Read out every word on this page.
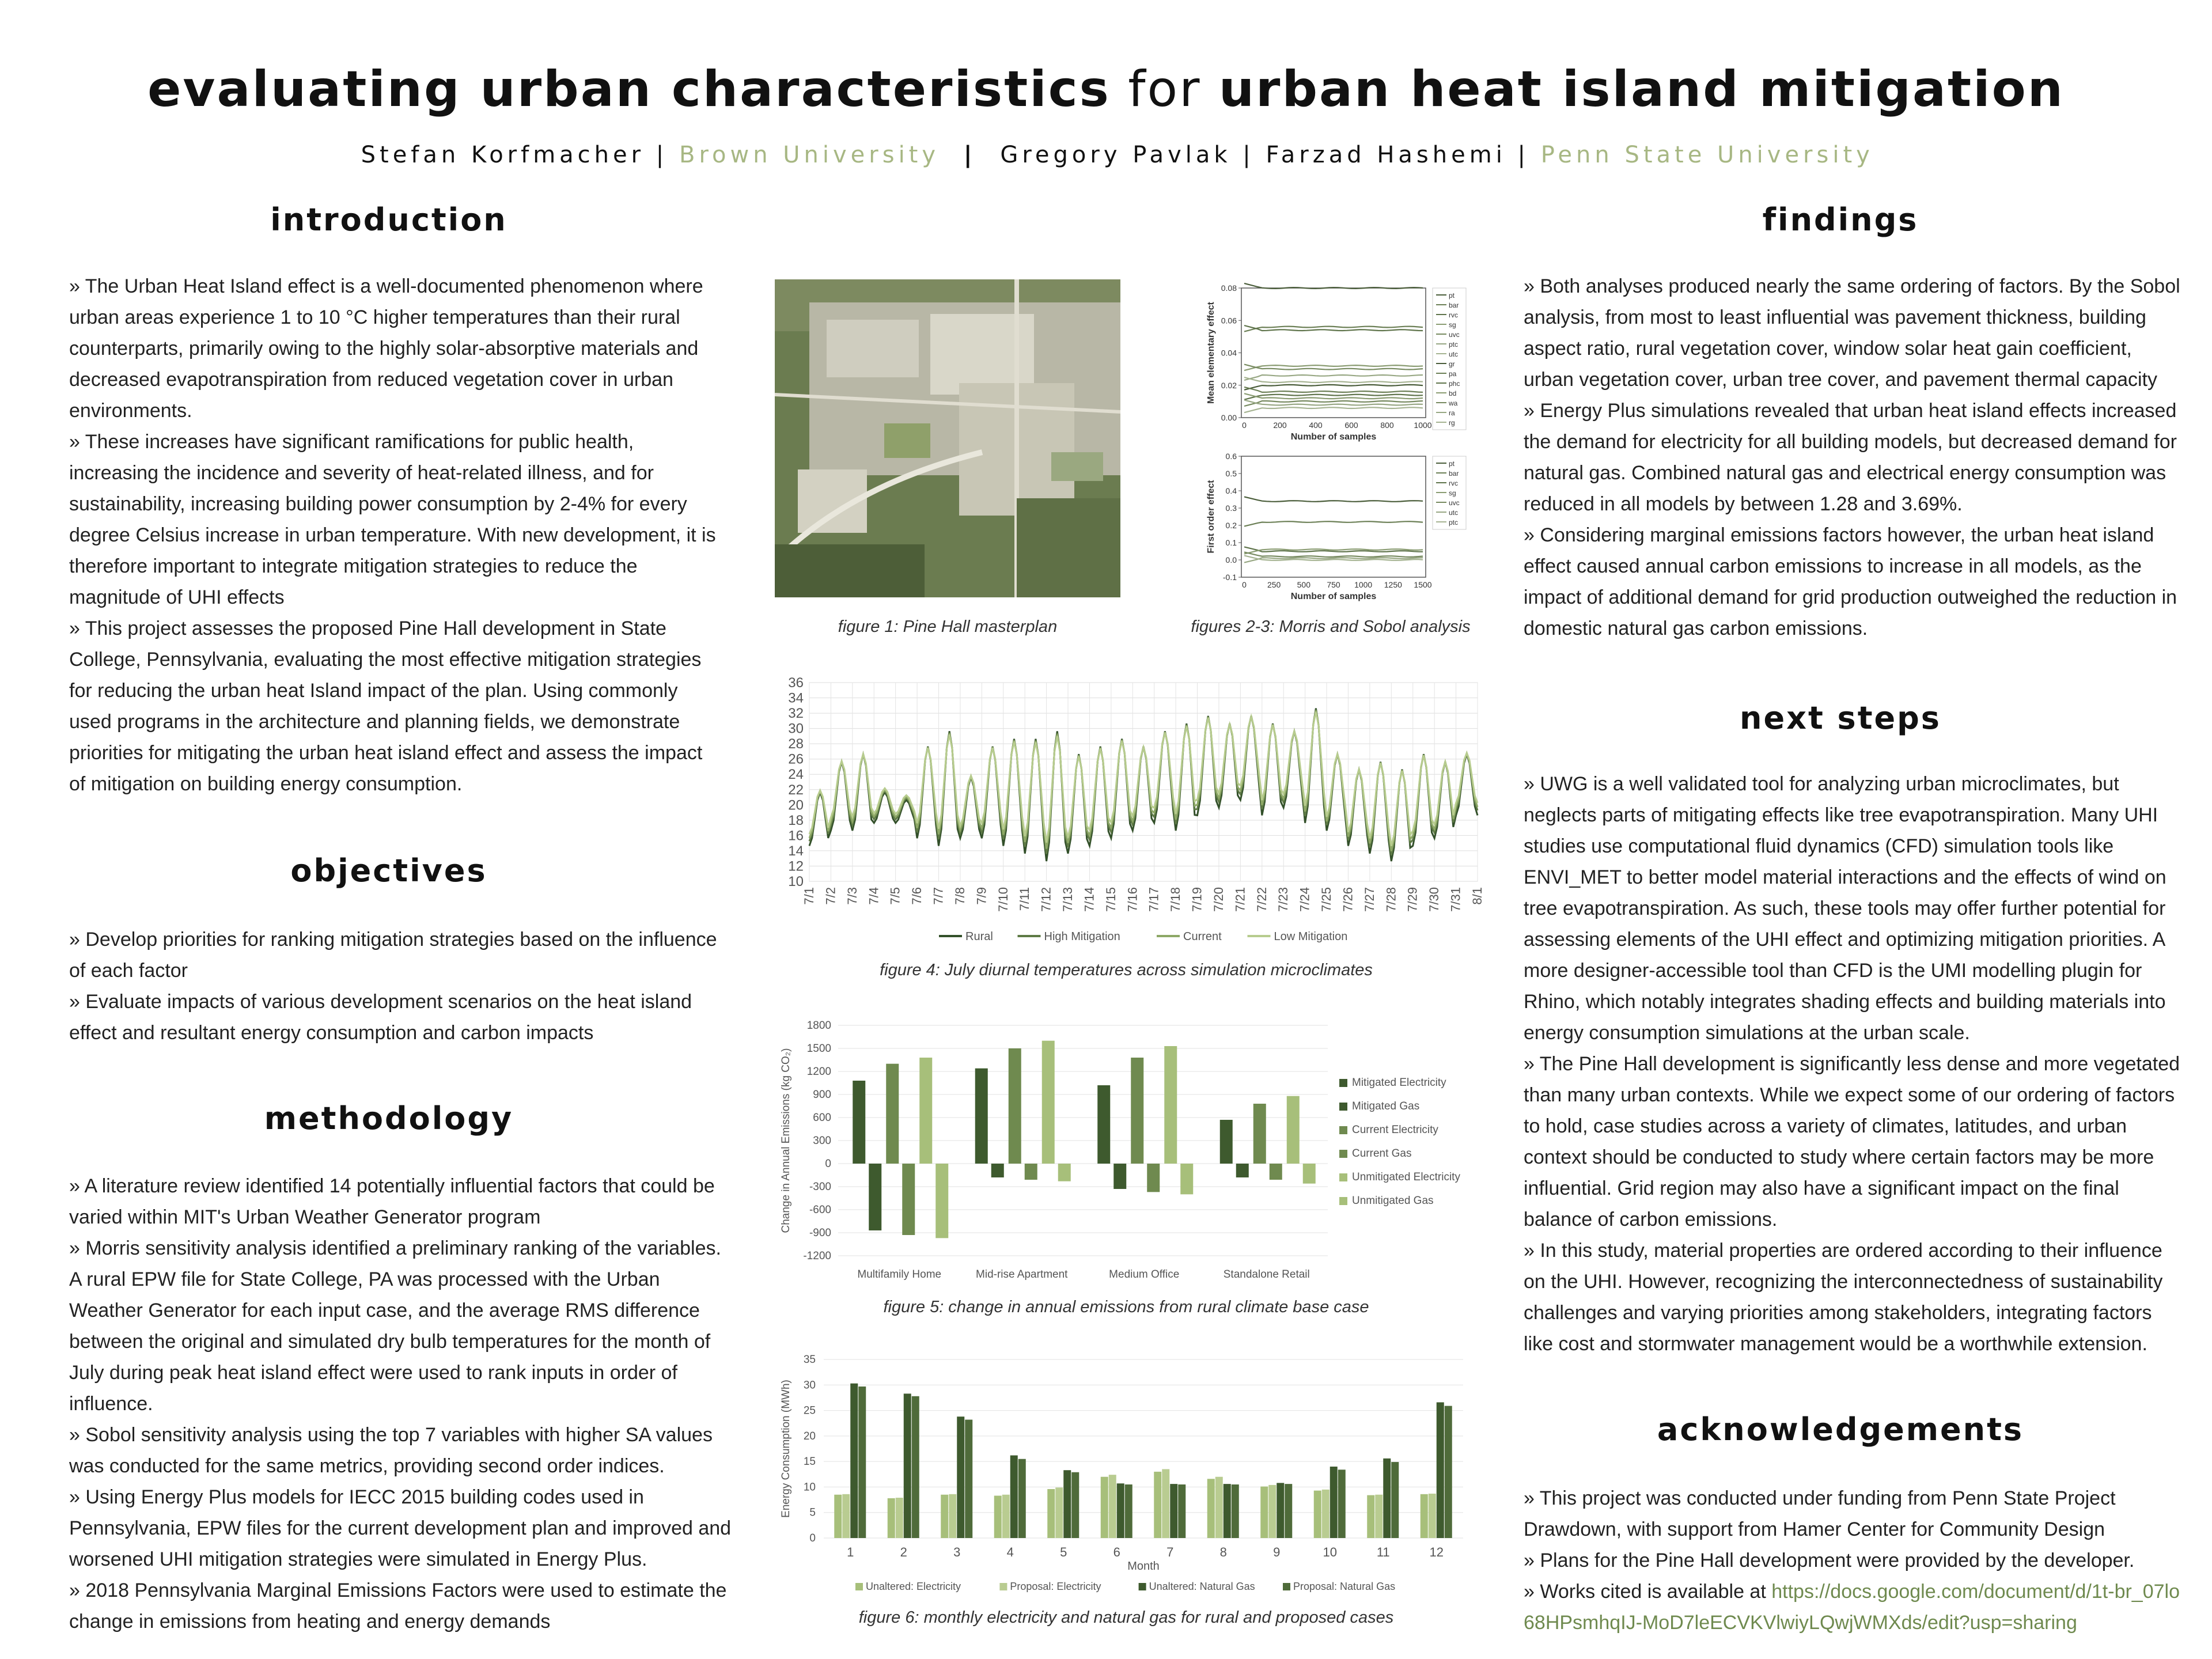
evaluating urban characteristics for urban heat island mitigation

Stefan Korfmacher | Brown University  |  Gregory Pavlak | Farzad Hashemi | Penn State University

introduction

» The Urban Heat Island effect is a well-documented phenomenon where urban areas experience 1 to 10 °C higher temperatures than their rural counterparts, primarily owing to the highly solar-absorptive materials and decreased evapotranspiration from reduced vegetation cover in urban environments.

» These increases have significant ramifications for public health, increasing the incidence and severity of heat-related illness, and for sustainability, increasing building power consumption by 2-4% for every degree Celsius increase in urban temperature. With new development, it is therefore important to integrate mitigation strategies to reduce the magnitude of UHI effects

» This project assesses the proposed Pine Hall development in State College, Pennsylvania, evaluating the most effective mitigation strategies for reducing the urban heat Island impact of the plan. Using commonly used programs in the architecture and planning fields, we demonstrate priorities for mitigating the urban heat island effect and assess the impact of mitigation on building energy consumption.

objectives

» Develop priorities for ranking mitigation strategies based on the influence of each factor

» Evaluate impacts of various development scenarios on the heat island effect and resultant energy consumption and carbon impacts

methodology

» A literature review identified 14 potentially influential factors that could be varied within MIT's Urban Weather Generator program

» Morris sensitivity analysis identified a preliminary ranking of the variables. A rural EPW file for State College, PA was processed with the Urban Weather Generator for each input case, and the average RMS difference between the original and simulated dry bulb temperatures for the month of July during peak heat island effect were used to rank inputs in order of influence.

» Sobol sensitivity analysis using the top 7 variables with higher SA values was conducted for the same metrics, providing second order indices.

» Using Energy Plus models for IECC 2015 building codes used in Pennsylvania, EPW files for the current development plan and improved and worsened UHI mitigation strategies were simulated in Energy Plus.

» 2018 Pennsylvania Marginal Emissions Factors were used to estimate the change in emissions from heating and energy demands

findings

» Both analyses produced nearly the same ordering of factors. By the Sobol analysis, from most to least influential was pavement thickness, building aspect ratio, rural vegetation cover, window solar heat gain coefficient, urban vegetation cover, urban tree cover, and pavement thermal capacity

» Energy Plus simulations revealed that urban heat island effects increased the demand for electricity for all building models, but decreased demand for natural gas. Combined natural gas and electrical energy consumption was reduced in all models by between 1.28 and 3.69%.

» Considering marginal emissions factors however, the urban heat island effect caused annual carbon emissions to increase in all models, as the impact of additional demand for grid production outweighed the reduction in domestic natural gas carbon emissions.

next steps

» UWG is a well validated tool for analyzing urban microclimates, but neglects parts of mitigating effects like tree evapotranspiration. Many UHI studies use computational fluid dynamics (CFD) simulation tools like ENVI_MET to better model material interactions and the effects of wind on tree evapotranspiration. As such, these tools may offer further potential for assessing elements of the UHI effect and optimizing mitigation priorities. A more designer-accessible tool than CFD is the UMI modelling plugin for Rhino, which notably integrates shading effects and building materials into energy consumption simulations at the urban scale.

» The Pine Hall development is significantly less dense and more vegetated than many urban contexts. While we expect some of our ordering of factors to hold, case studies across a variety of climates, latitudes, and urban context should be conducted to study where certain factors may be more influential. Grid region may also have a significant impact on the final balance of carbon emissions.

» In this study, material properties are ordered according to their influence on the UHI. However, recognizing the interconnectedness of sustainability challenges and varying priorities among stakeholders, integrating factors like cost and stormwater management would be a worthwhile extension.

acknowledgements

» This project was conducted under funding from Penn State Project Drawdown, with support from Hamer Center for Community Design

» Plans for the Pine Hall development were provided by the developer.

» Works cited is available at https://docs.google.com/document/d/1t-br_07lo68HPsmhqIJ-MoD7leECVKVlwiyLQwjWMXds/edit?usp=sharing

figure 1: Pine Hall masterplan
0.00
0.02
0.04
0.06
0.08
0	200	400	600	800 1000
Number of samples
Mean elementary effect
pt
bar
rvc
sg
uvc
ptc
utc
gr
pa
phc
bd
wa
ra
rg
-0.1
0.0
0.1
0.2
0.3
0.4
0.5
0.6
0	250 500 750 1000 1250 1500
Number of samples
First order effect
pt
bar
rvc
sg
uvc
utc
ptc
figures 2-3: Morris and Sobol analysis
10
12
14
16
18
20
22
24
26
28
30
32
34
36
7/1 7/2 7/3 7/4 7/5 7/6 7/7 7/8 7/9 7/10 7/11 7/12 7/13 7/14 7/15 7/16 7/17 7/18 7/19 7/20 7/21 7/22 7/23 7/24 7/25 7/26 7/27 7/28 7/29 7/30 7/31 8/1
Rural	High Mitigation	Current	Low Mitigation
figure 4: July diurnal temperatures across simulation microclimates
1800
1500
1200
900
600
300
0
-300
-600
-900
-1200
Change in Annual Emissions (kg CO₂)
Multifamily Home	Mid-rise Apartment	Medium Office	Standalone Retail
Mitigated Electricity
Mitigated Gas
Current Electricity
Current Gas
Unmitigated Electricity
Unmitigated Gas
figure 5: change in annual emissions from rural climate base case
0
5
10
15
20
25
30
35
Energy Consumption (MWh)
1	2	3	4	5	6	7	8	9	10	11	12
Month
Unaltered: Electricity	Proposal: Electricity	Unaltered: Natural Gas	Proposal: Natural Gas
figure 6: monthly electricity and natural gas for rural and proposed cases
